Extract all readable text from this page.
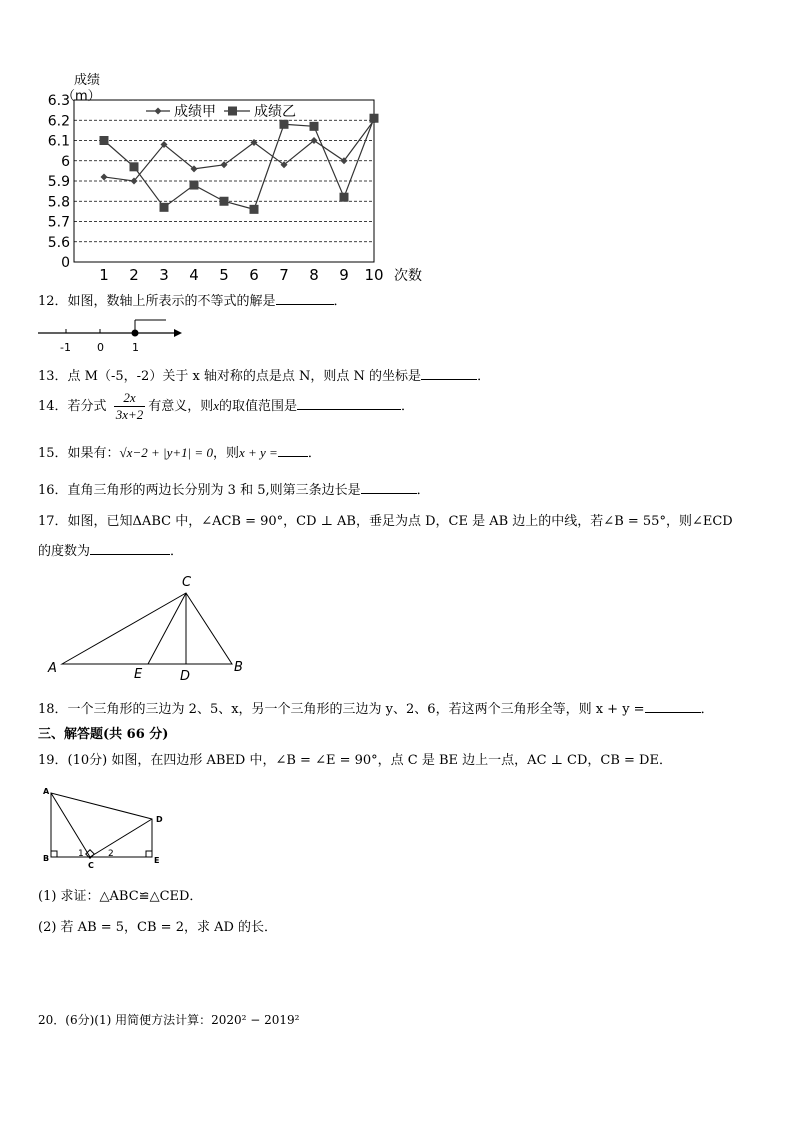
0
5.6
5.7
5.8
5.9
6
6.1
6.2
6.3
成绩
（m）
1 2 3 4 5 6 7 8 9 10 次数
成绩甲	成绩乙
12．如图，数轴上所表示的不等式的解是	．
-1 0	1
13．点 M（-5，-2）关于 x 轴对称的点是点 N，则点 N 的坐标是	．
14．若分式 $\frac{2x}{3x+2}$ 有意义，则x的取值范围是	．
15．如果有：√x−2 + |y+1| = 0，则x + y = ．
16．直角三角形的两边长分别为 3 和 5,则第三条边长是	．
17．如图，已知ΔABC 中，∠ACB = 90°，CD ⊥ AB，垂足为点 D，CE 是 AB 边上的中线，若∠B = 55°，则∠ECD
的度数为	．
A
C
B
E	D
18．一个三角形的三边为 2、5、x，另一个三角形的三边为 y、2、6，若这两个三角形全等，则 x + y =	．
三、解答题(共 66 分)
19．(10分) 如图，在四边形 ABED 中，∠B = ∠E = 90°，点 C 是 BE 边上一点，AC ⊥ CD，CB = DE．
A
B
C
D
E
1	2
(1) 求证：△ABC≌△CED．
(2) 若 AB = 5，CB = 2，求 AD 的长．
20．(6分)(1) 用简便方法计算：2020² − 2019²
